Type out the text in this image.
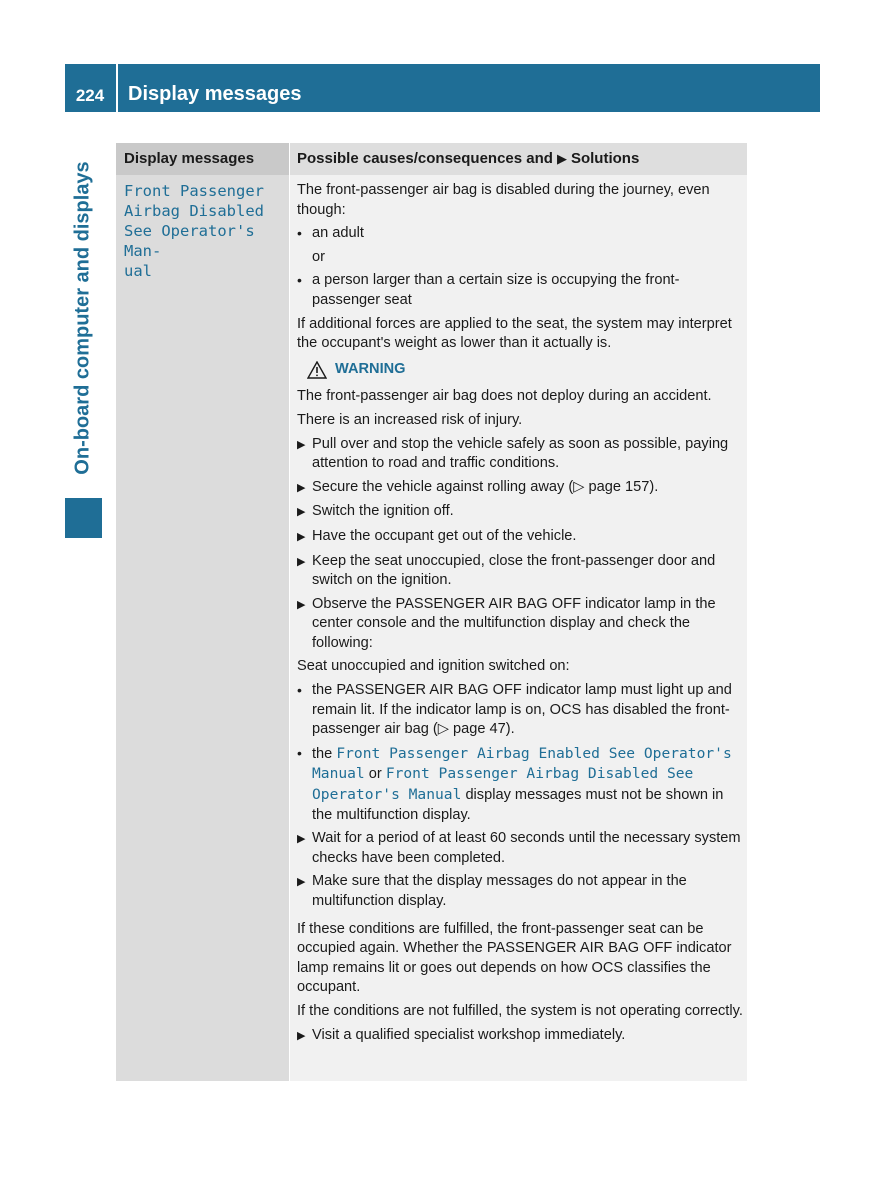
224	Display messages
On-board computer and displays
Display messages	Possible causes/consequences and ▶ Solutions
Front Passenger
Airbag Disabled
See Operator's Man-
ual

The front-passenger air bag is disabled during the journey, even though:

• an adult
or
• a person larger than a certain size is occupying the front-passenger seat

If additional forces are applied to the seat, the system may interpret the occupant's weight as lower than it actually is.

WARNING

The front-passenger air bag does not deploy during an accident.

There is an increased risk of injury.

▶ Pull over and stop the vehicle safely as soon as possible, paying attention to road and traffic conditions.
▶ Secure the vehicle against rolling away (▷ page 157).
▶ Switch the ignition off.
▶ Have the occupant get out of the vehicle.
▶ Keep the seat unoccupied, close the front-passenger door and switch on the ignition.
▶ Observe the PASSENGER AIR BAG OFF indicator lamp in the center console and the multifunction display and check the following:

Seat unoccupied and ignition switched on:

• the PASSENGER AIR BAG OFF indicator lamp must light up and remain lit. If the indicator lamp is on, OCS has disabled the front-passenger air bag (▷ page 47).
• the Front Passenger Airbag Enabled See Operator's Manual or Front Passenger Airbag Disabled See Operator's Manual display messages must not be shown in the multifunction display.
▶ Wait for a period of at least 60 seconds until the necessary system checks have been completed.
▶ Make sure that the display messages do not appear in the multifunction display.

If these conditions are fulfilled, the front-passenger seat can be occupied again. Whether the PASSENGER AIR BAG OFF indicator lamp remains lit or goes out depends on how OCS classifies the occupant.

If the conditions are not fulfilled, the system is not operating correctly.

▶ Visit a qualified specialist workshop immediately.
